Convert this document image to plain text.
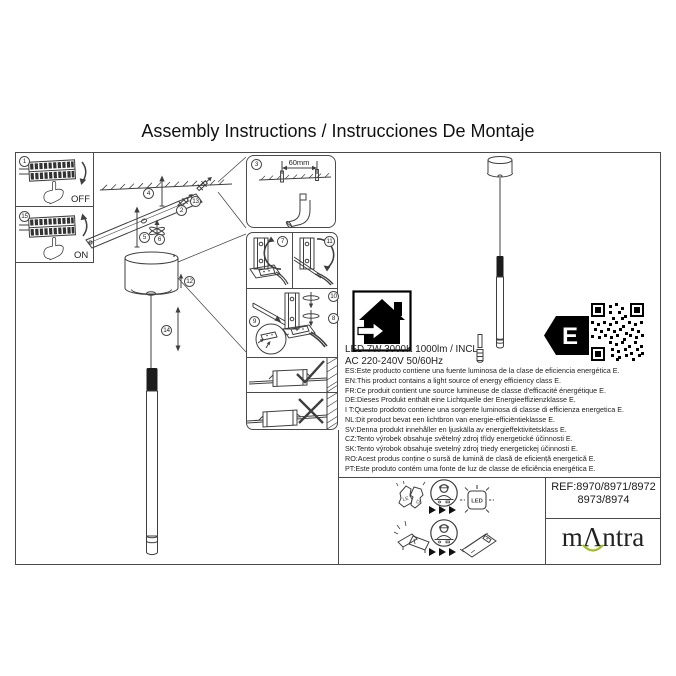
Assembly Instructions / Instrucciones De Montaje
OFF
ON
60mm
LED 7W 3000K 1000lm / INCL
AC 220-240V 50/60Hz
E
ES:Este producto contiene una fuente luminosa de la clase de eficiencia energética E.
EN:This product contains a light source of energy efficiency class E.
FR:Ce produit contient une source lumineuse de classe d'efficacité énergétique E.
DE:Dieses Produkt enthält eine Lichtquelle der Energieeffizienzklasse E.
I T:Questo prodotto contiene una sorgente luminosa di classe di efficienza energetica E.
NL:Dit product bevat een lichtbron van energie-efficiëntieklasse E.
SV:Denna produkt innehåller en ljuskälla av energieffektivitetsklass E.
CZ:Tento výrobek obsahuje světelný zdroj třídy energetické účinnosti E.
SK:Tento výrobok obsahuje svetelný zdroj triedy energetickej účinnosti E.
RO:Acest produs conține o sursă de lumină de clasă de eficiență energetică E.
PT:Este produto contém uma fonte de luz de classe de eficiência energética E.
LE D	LED
REF:8970/8971/8972
8973/8974
m Λ ntra
1
15
3
4
13
2
5	6	7	11
12
10
8
9
14
